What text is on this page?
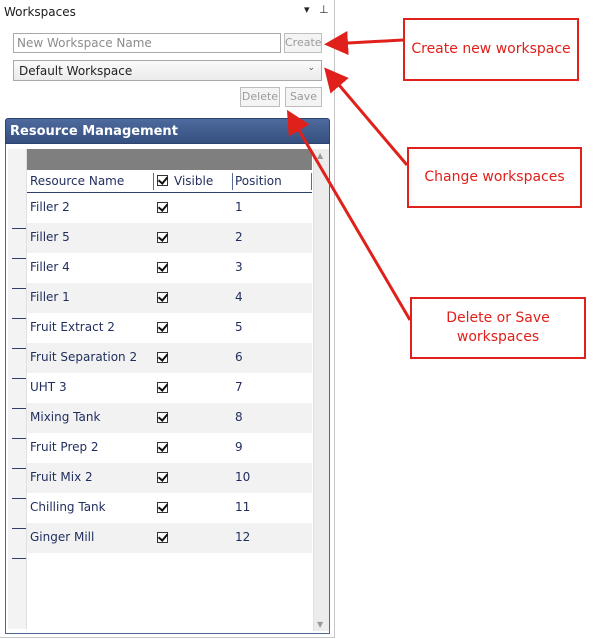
Workspaces	▾ ⊥
New Workspace Name
Create
Default Workspace	⌄
Delete	Save
Resource Management
▲
▼
Resource Name	Visible Position
Filler 2	1
Filler 5	2
Filler 4	3
Filler 1	4
Fruit Extract 2	5
Fruit Separation 2	6
UHT 3	7
Mixing Tank	8
Fruit Prep 2	9
Fruit Mix 2	10
Chilling Tank	11
Ginger Mill	12
Create new workspace
Change workspaces
Delete or Save workspaces
